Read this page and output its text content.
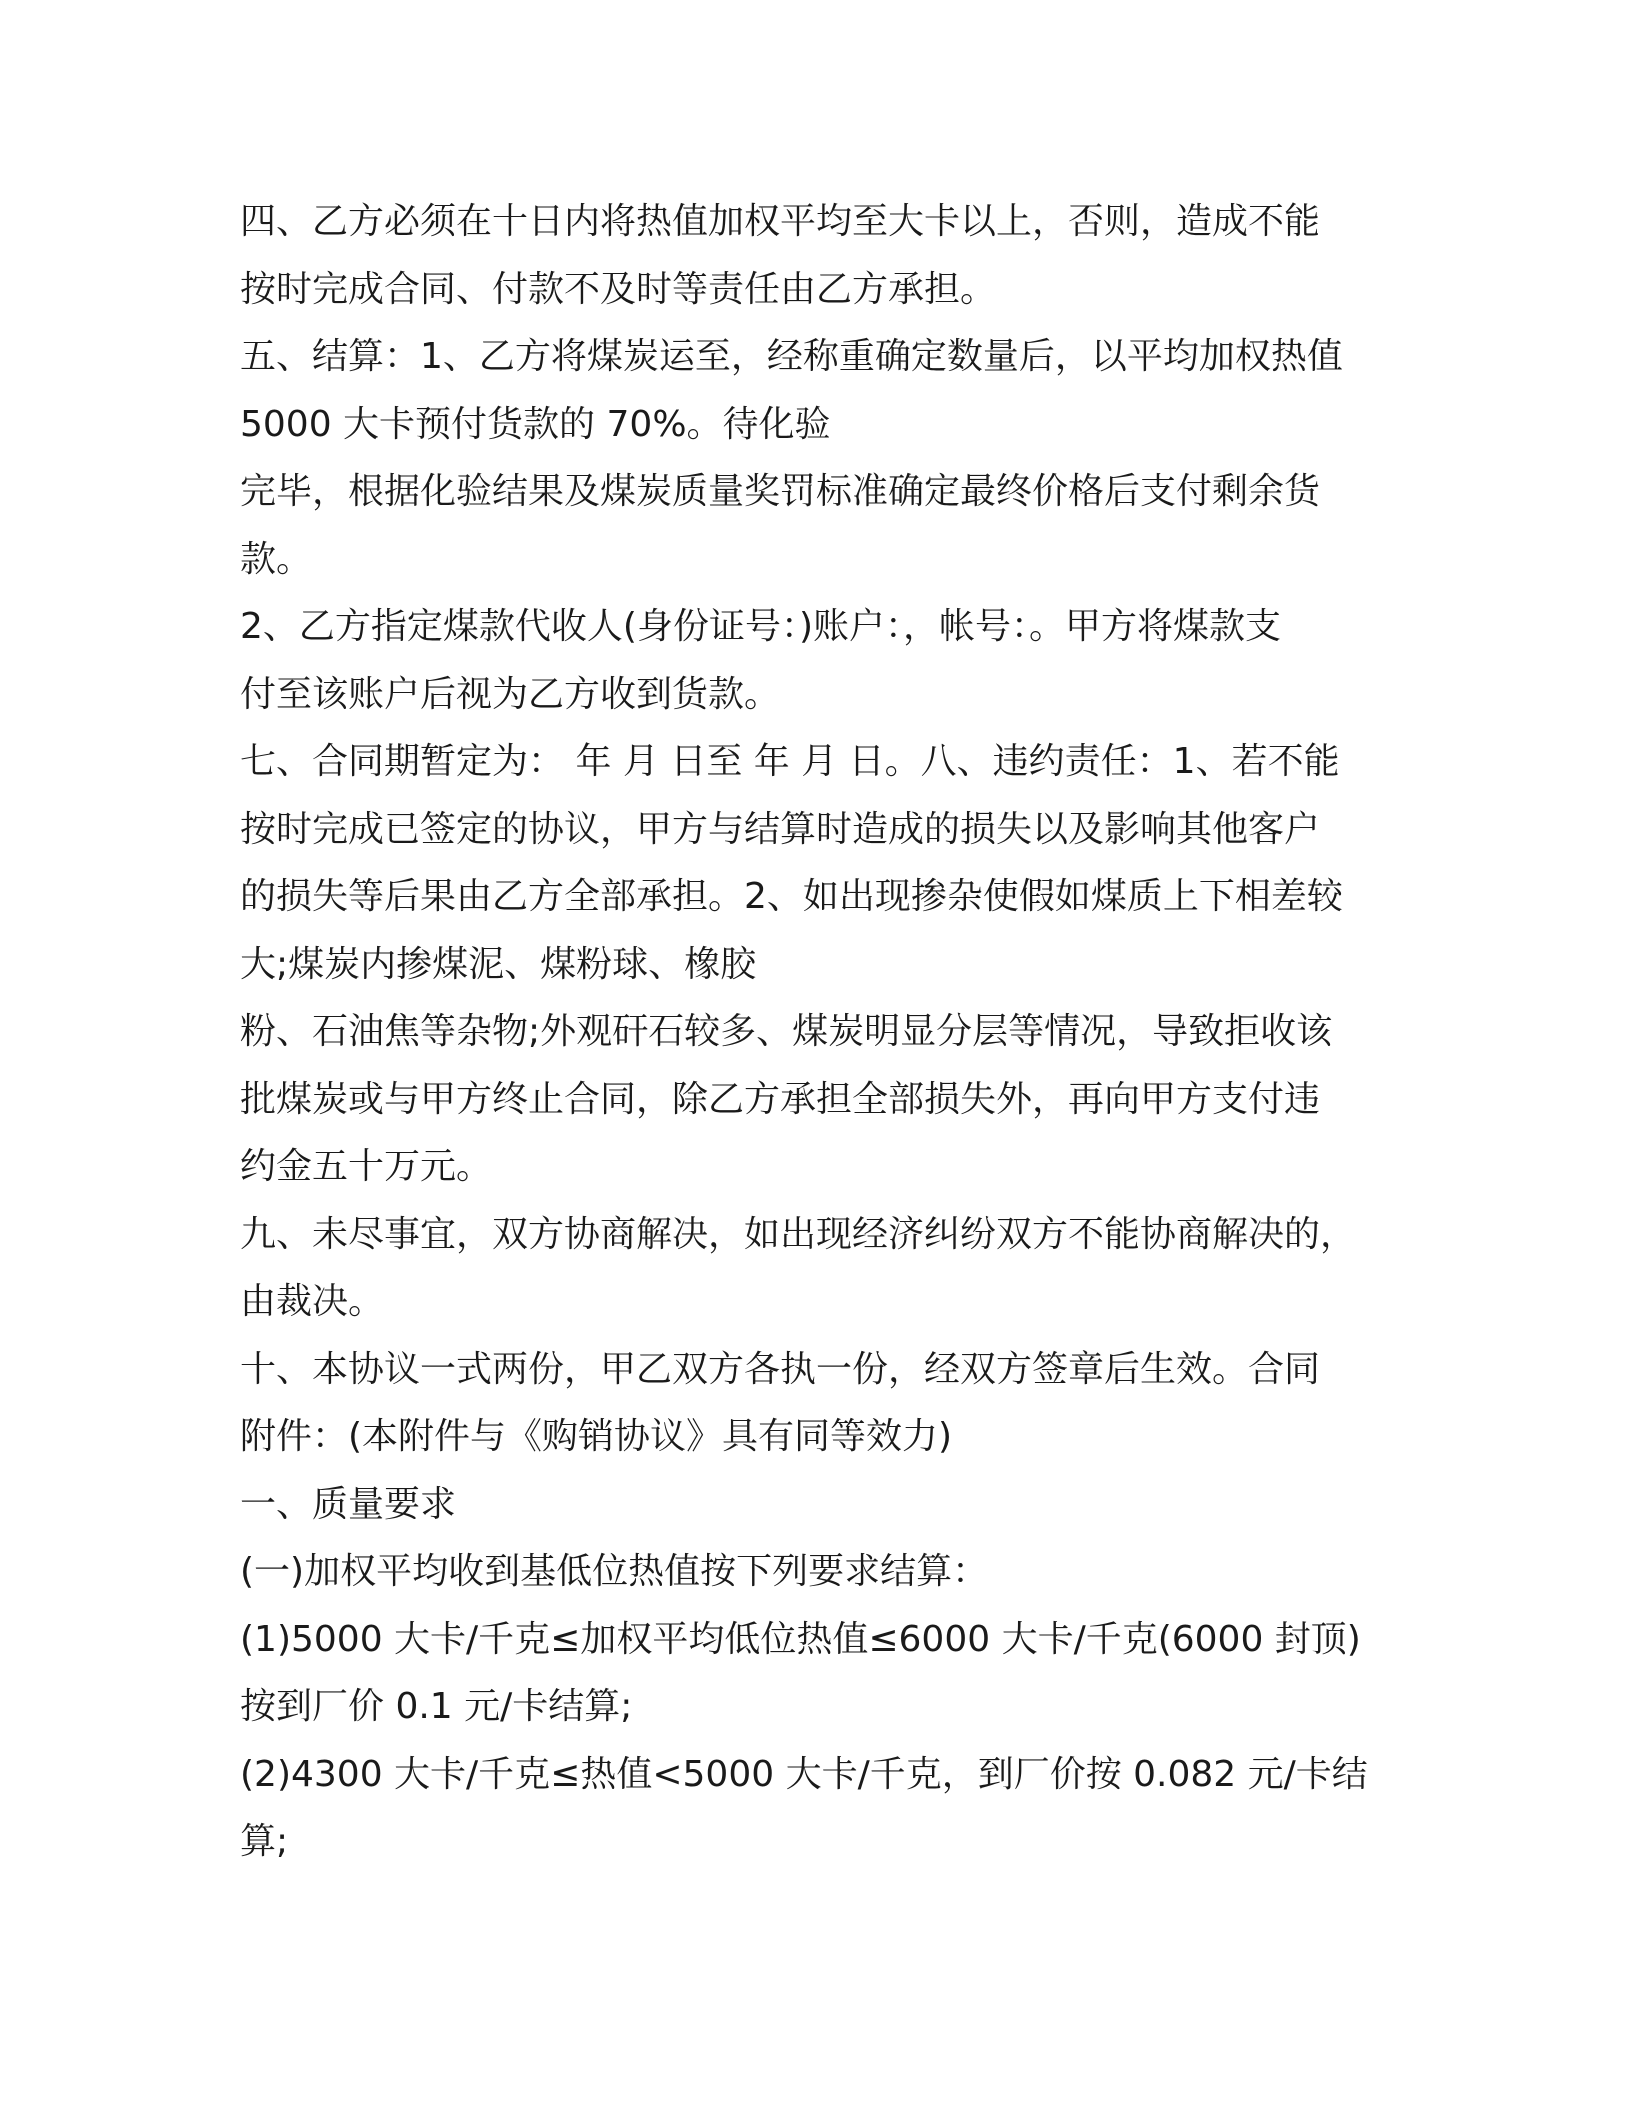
四、乙方必须在十日内将热值加权平均至大卡以上，否则，造成不能
按时完成合同、付款不及时等责任由乙方承担。
五、结算：1、乙方将煤炭运至，经称重确定数量后，以平均加权热值
5000 大卡预付货款的 70%。待化验
完毕，根据化验结果及煤炭质量奖罚标准确定最终价格后支付剩余货
款。
2、乙方指定煤款代收人(身份证号：)账户：，帐号：。甲方将煤款支
付至该账户后视为乙方收到货款。
七、合同期暂定为： 年 月 日至 年 月 日。八、违约责任：1、若不能
按时完成已签定的协议，甲方与结算时造成的损失以及影响其他客户
的损失等后果由乙方全部承担。2、如出现掺杂使假如煤质上下相差较
大;煤炭内掺煤泥、煤粉球、橡胶
粉、石油焦等杂物;外观矸石较多、煤炭明显分层等情况，导致拒收该
批煤炭或与甲方终止合同，除乙方承担全部损失外，再向甲方支付违
约金五十万元。
九、未尽事宜，双方协商解决，如出现经济纠纷双方不能协商解决的，
由裁决。
十、本协议一式两份，甲乙双方各执一份，经双方签章后生效。合同
附件：(本附件与《购销协议》具有同等效力)
一、质量要求
(一)加权平均收到基低位热值按下列要求结算：
(1)5000 大卡/千克≤加权平均低位热值≤6000 大卡/千克(6000 封顶)
按到厂价 0.1 元/卡结算;
(2)4300 大卡/千克≤热值<5000 大卡/千克，到厂价按 0.082 元/卡结
算;
